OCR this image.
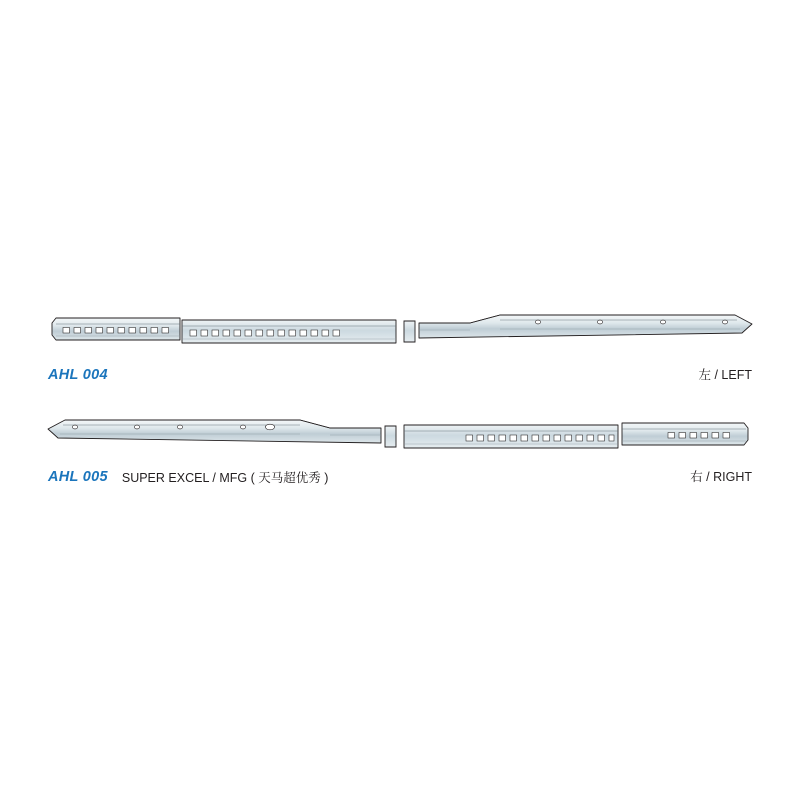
AHL 004	左 / LEFT
AHL 005 SUPER EXCEL / MFG ( 天马超优秀 )	右 / RIGHT
